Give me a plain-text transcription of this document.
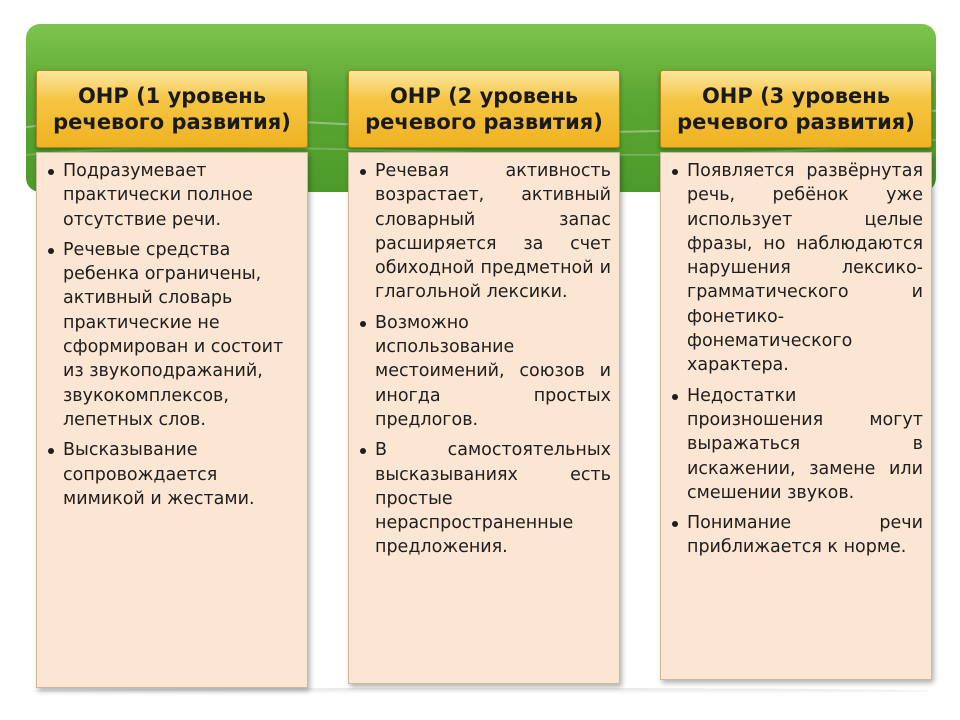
ОНР (1 уровень речевого развития)
Подразумевает практически полное отсутствие речи.
Речевые средства ребенка ограничены, активный словарь практические не сформирован и состоит из звукоподражаний, звукокомплексов, лепетных слов.
Высказывание сопровождается мимикой и жестами.
ОНР (2 уровень речевого развития)
Речевая активность возрастает, активный словарный запас расширяется за счет обиходной предметной и глагольной лексики.
Возможно использование местоимений, союзов и иногда простых предлогов.
В самостоятельных высказываниях есть простые нераспространенные предложения.
ОНР (3 уровень речевого развития)
Появляется развёрнутая речь, ребёнок уже использует целые фразы, но наблюдаются нарушения лексико-грамматического и фонетико-фонематического характера.
Недостатки произношения могут выражаться в искажении, замене или смешении звуков.
Понимание речи приближается к норме.
